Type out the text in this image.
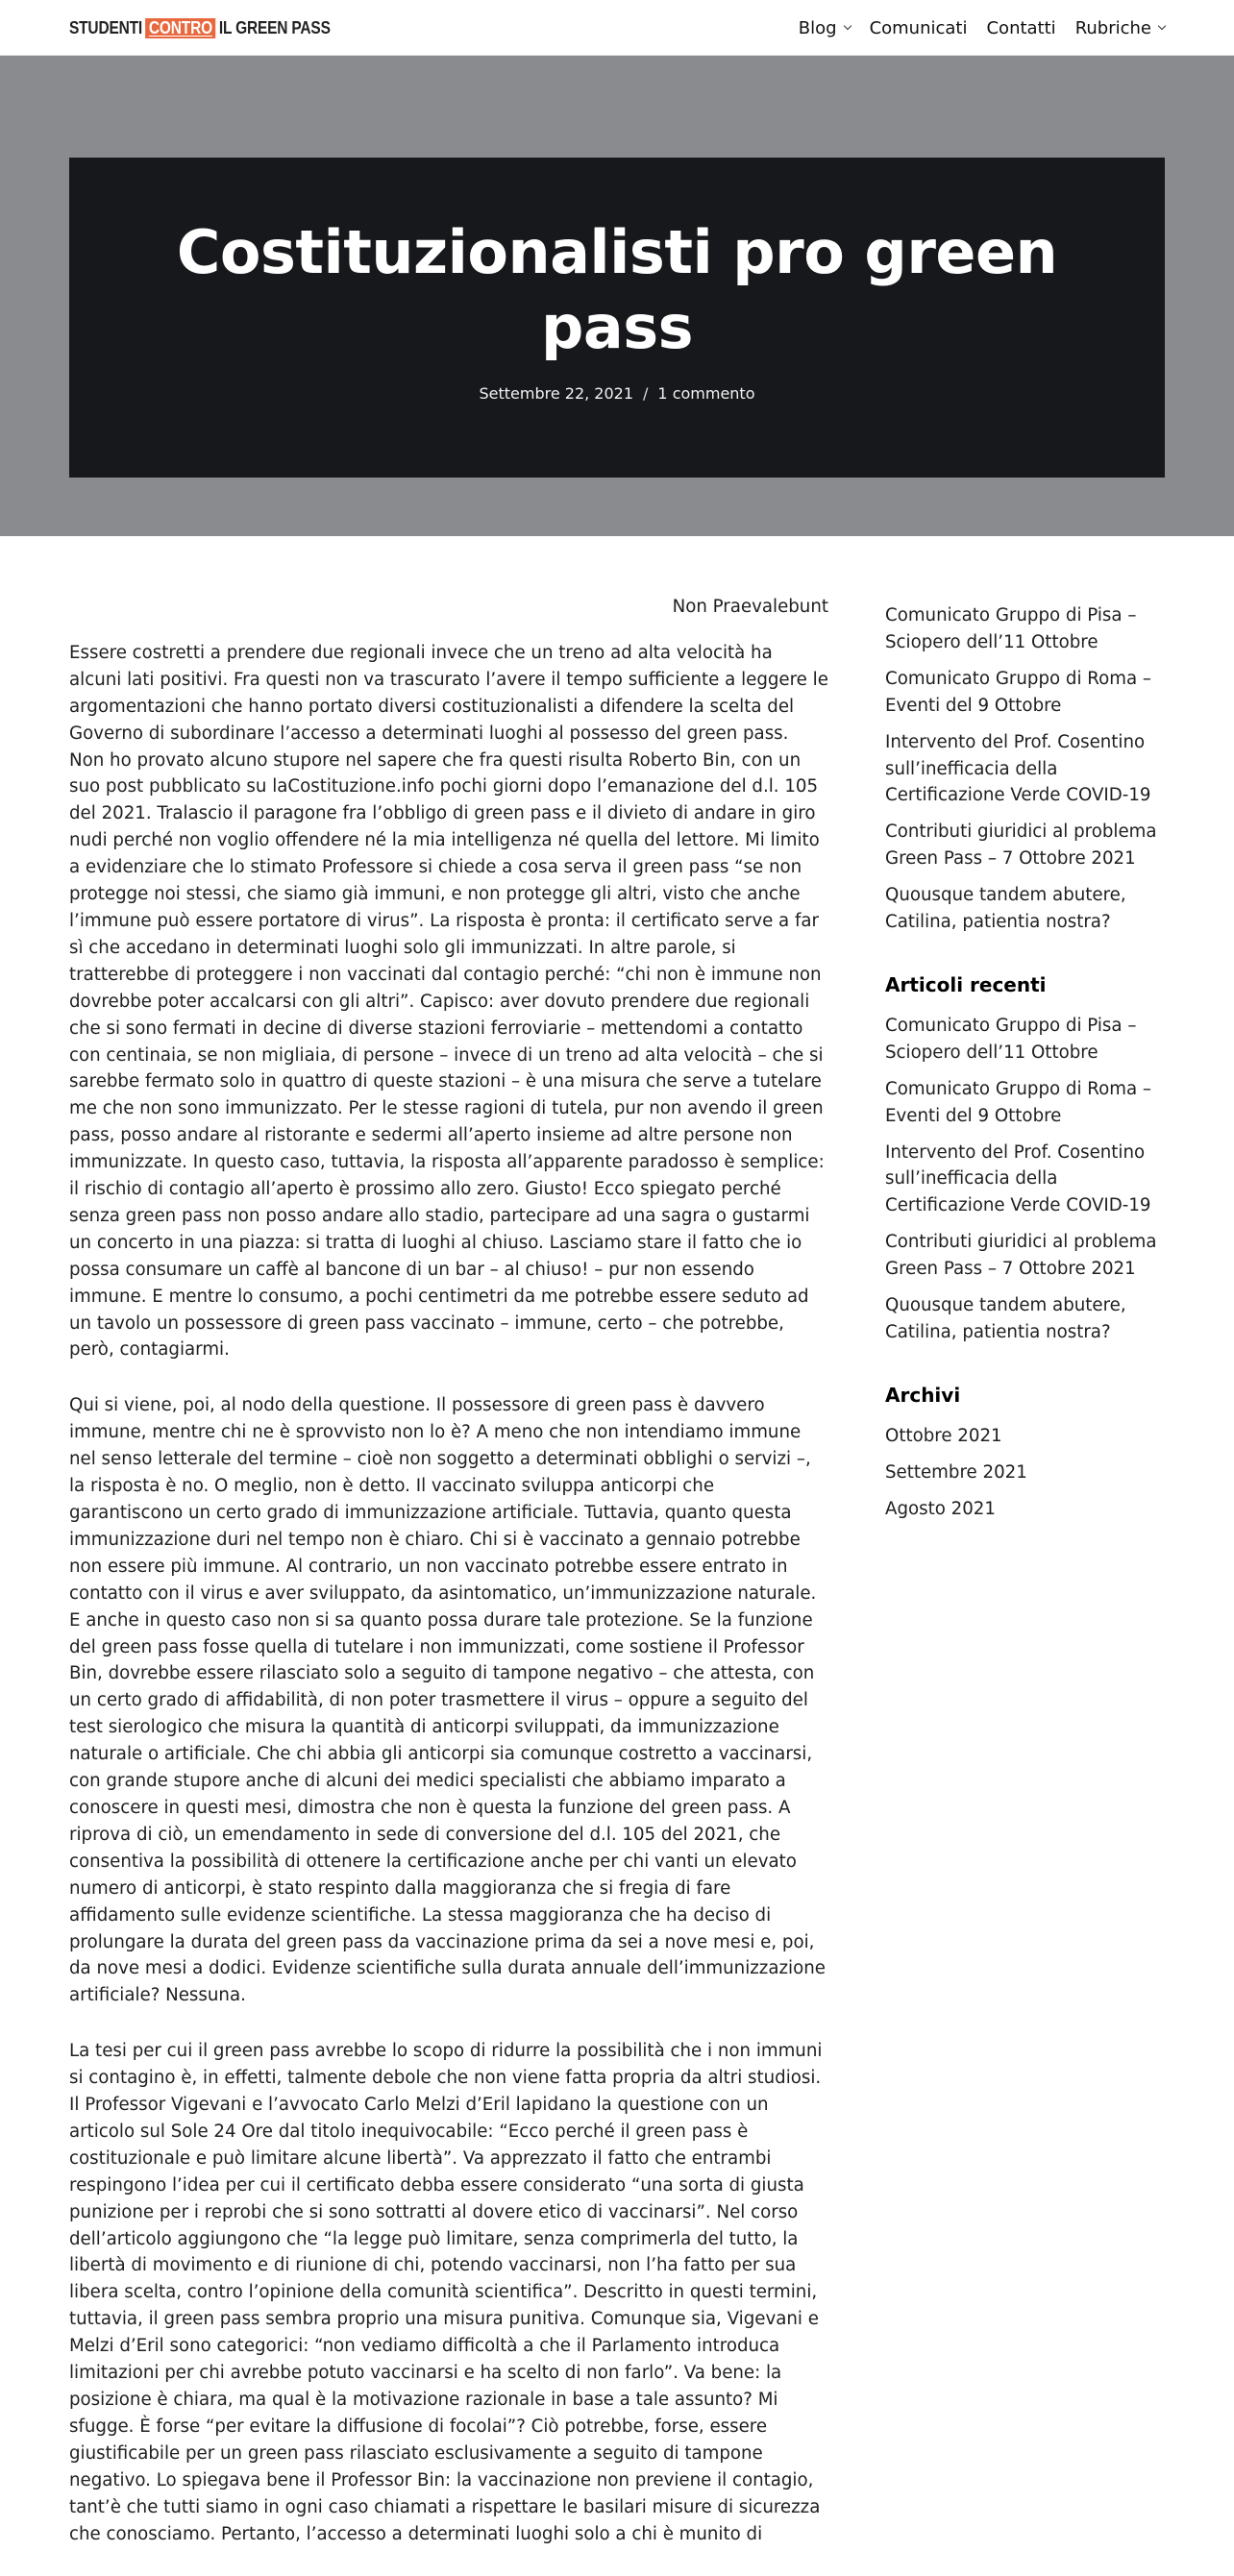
STUDENTI CONTRO IL GREEN PASS	Blog Comunicati Contatti Rubriche
Costituzionalisti pro green pass
Settembre 22, 2021 / 1 commento
Non Praevalebunt

Essere costretti a prendere due regionali invece che un treno ad alta velocità ha alcuni lati positivi. Fra questi non va trascurato l’avere il tempo sufficiente a leggere le argomentazioni che hanno portato diversi costituzionalisti a difendere la scelta del Governo di subordinare l’accesso a determinati luoghi al possesso del green pass. Non ho provato alcuno stupore nel sapere che fra questi risulta Roberto Bin, con un suo post pubblicato su laCostituzione.info pochi giorni dopo l’emanazione del d.l. 105 del 2021. Tralascio il paragone fra l’obbligo di green pass e il divieto di andare in giro nudi perché non voglio offendere né la mia intelligenza né quella del lettore. Mi limito a evidenziare che lo stimato Professore si chiede a cosa serva il green pass “se non protegge noi stessi, che siamo già immuni, e non protegge gli altri, visto che anche l’immune può essere portatore di virus”. La risposta è pronta: il certificato serve a far sì che accedano in determinati luoghi solo gli immunizzati. In altre parole, si tratterebbe di proteggere i non vaccinati dal contagio perché: “chi non è immune non dovrebbe poter accalcarsi con gli altri”. Capisco: aver dovuto prendere due regionali che si sono fermati in decine di diverse stazioni ferroviarie – mettendomi a contatto con centinaia, se non migliaia, di persone – invece di un treno ad alta velocità – che si sarebbe fermato solo in quattro di queste stazioni – è una misura che serve a tutelare me che non sono immunizzato. Per le stesse ragioni di tutela, pur non avendo il green pass, posso andare al ristorante e sedermi all’aperto insieme ad altre persone non immunizzate. In questo caso, tuttavia, la risposta all’apparente paradosso è semplice: il rischio di contagio all’aperto è prossimo allo zero. Giusto! Ecco spiegato perché senza green pass non posso andare allo stadio, partecipare ad una sagra o gustarmi un concerto in una piazza: si tratta di luoghi al chiuso. Lasciamo stare il fatto che io possa consumare un caffè al bancone di un bar – al chiuso! – pur non essendo immune. E mentre lo consumo, a pochi centimetri da me potrebbe essere seduto ad un tavolo un possessore di green pass vaccinato – immune, certo – che potrebbe, però, contagiarmi.

Qui si viene, poi, al nodo della questione. Il possessore di green pass è davvero immune, mentre chi ne è sprovvisto non lo è? A meno che non intendiamo immune nel senso letterale del termine – cioè non soggetto a determinati obblighi o servizi –, la risposta è no. O meglio, non è detto. Il vaccinato sviluppa anticorpi che garantiscono un certo grado di immunizzazione artificiale. Tuttavia, quanto questa immunizzazione duri nel tempo non è chiaro. Chi si è vaccinato a gennaio potrebbe non essere più immune. Al contrario, un non vaccinato potrebbe essere entrato in contatto con il virus e aver sviluppato, da asintomatico, un’immunizzazione naturale. E anche in questo caso non si sa quanto possa durare tale protezione. Se la funzione del green pass fosse quella di tutelare i non immunizzati, come sostiene il Professor Bin, dovrebbe essere rilasciato solo a seguito di tampone negativo – che attesta, con un certo grado di affidabilità, di non poter trasmettere il virus – oppure a seguito del test sierologico che misura la quantità di anticorpi sviluppati, da immunizzazione naturale o artificiale. Che chi abbia gli anticorpi sia comunque costretto a vaccinarsi, con grande stupore anche di alcuni dei medici specialisti che abbiamo imparato a conoscere in questi mesi, dimostra che non è questa la funzione del green pass. A riprova di ciò, un emendamento in sede di conversione del d.l. 105 del 2021, che consentiva la possibilità di ottenere la certificazione anche per chi vanti un elevato numero di anticorpi, è stato respinto dalla maggioranza che si fregia di fare affidamento sulle evidenze scientifiche. La stessa maggioranza che ha deciso di prolungare la durata del green pass da vaccinazione prima da sei a nove mesi e, poi, da nove mesi a dodici. Evidenze scientifiche sulla durata annuale dell’immunizzazione artificiale? Nessuna.

La tesi per cui il green pass avrebbe lo scopo di ridurre la possibilità che i non immuni si contagino è, in effetti, talmente debole che non viene fatta propria da altri studiosi. Il Professor Vigevani e l’avvocato Carlo Melzi d’Eril lapidano la questione con un articolo sul Sole 24 Ore dal titolo inequivocabile: “Ecco perché il green pass è costituzionale e può limitare alcune libertà”. Va apprezzato il fatto che entrambi respingono l’idea per cui il certificato debba essere considerato “una sorta di giusta punizione per i reprobi che si sono sottratti al dovere etico di vaccinarsi”. Nel corso dell’articolo aggiungono che “la legge può limitare, senza comprimerla del tutto, la libertà di movimento e di riunione di chi, potendo vaccinarsi, non l’ha fatto per sua libera scelta, contro l’opinione della comunità scientifica”. Descritto in questi termini, tuttavia, il green pass sembra proprio una misura punitiva. Comunque sia, Vigevani e Melzi d’Eril sono categorici: “non vediamo difficoltà a che il Parlamento introduca limitazioni per chi avrebbe potuto vaccinarsi e ha scelto di non farlo”. Va bene: la posizione è chiara, ma qual è la motivazione razionale in base a tale assunto? Mi sfugge. È forse “per evitare la diffusione di focolai”? Ciò potrebbe, forse, essere giustificabile per un green pass rilasciato esclusivamente a seguito di tampone negativo. Lo spiegava bene il Professor Bin: la vaccinazione non previene il contagio, tant’è che tutti siamo in ogni caso chiamati a rispettare le basilari misure di sicurezza che conosciamo. Pertanto, l’accesso a determinati luoghi solo a chi è munito di

Comunicato Gruppo di Pisa – Sciopero dell’11 Ottobre
Comunicato Gruppo di Roma – Eventi del 9 Ottobre
Intervento del Prof. Cosentino sull’inefficacia della Certificazione Verde COVID-19
Contributi giuridici al problema Green Pass – 7 Ottobre 2021
Quousque tandem abutere, Catilina, patientia nostra?
Articoli recenti
Comunicato Gruppo di Pisa – Sciopero dell’11 Ottobre
Comunicato Gruppo di Roma – Eventi del 9 Ottobre
Intervento del Prof. Cosentino sull’inefficacia della Certificazione Verde COVID-19
Contributi giuridici al problema Green Pass – 7 Ottobre 2021
Quousque tandem abutere, Catilina, patientia nostra?
Archivi
Ottobre 2021
Settembre 2021
Agosto 2021
